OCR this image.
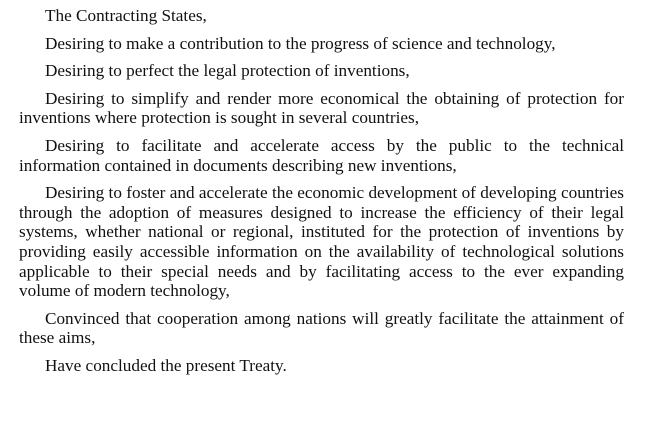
The Contracting States,

Desiring to make a contribution to the progress of science and technology,

Desiring to perfect the legal protection of inventions,

Desiring to simplify and render more economical the obtaining of protection for inventions where protection is sought in several countries,

Desiring to facilitate and accelerate access by the public to the technical information contained in documents describing new inventions,

Desiring to foster and accelerate the economic development of developing countries through the adoption of measures designed to increase the efficiency of their legal systems, whether national or regional, instituted for the protection of inventions by providing easily accessible information on the availability of technological solutions applicable to their special needs and by facilitating access to the ever expanding volume of modern technology,

Convinced that cooperation among nations will greatly facilitate the attainment of these aims,

Have concluded the present Treaty.
